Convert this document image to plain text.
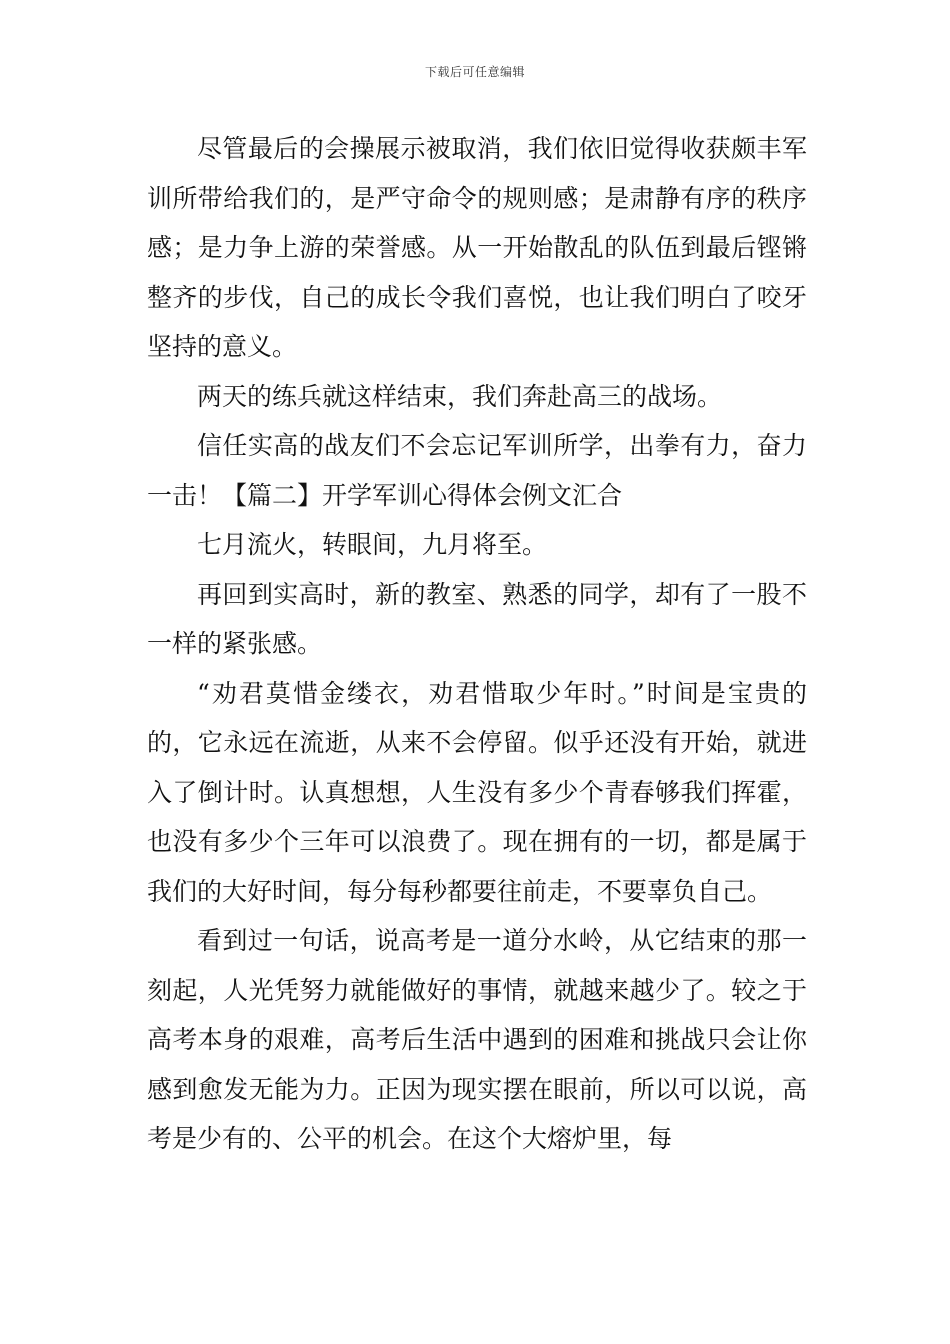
下载后可任意编辑

尽管最后的会操展示被取消，我们依旧觉得收获颇丰军训所带给我们的，是严守命令的规则感；是肃静有序的秩序感；是力争上游的荣誉感。从一开始散乱的队伍到最后铿锵整齐的步伐，自己的成长令我们喜悦，也让我们明白了咬牙坚持的意义。

两天的练兵就这样结束，我们奔赴高三的战场。

信任实高的战友们不会忘记军训所学，出拳有力，奋力一击！【篇二】开学军训心得体会例文汇合

七月流火，转眼间，九月将至。

再回到实高时，新的教室、熟悉的同学，却有了一股不一样的紧张感。

“劝君莫惜金缕衣，劝君惜取少年时。”时间是宝贵的的，它永远在流逝，从来不会停留。似乎还没有开始，就进入了倒计时。认真想想，人生没有多少个青春够我们挥霍，也没有多少个三年可以浪费了。现在拥有的一切，都是属于我们的大好时间，每分每秒都要往前走，不要辜负自己。

看到过一句话，说高考是一道分水岭，从它结束的那一刻起，人光凭努力就能做好的事情，就越来越少了。较之于高考本身的艰难，高考后生活中遇到的困难和挑战只会让你感到愈发无能为力。正因为现实摆在眼前，所以可以说，高考是少有的、公平的机会。在这个大熔炉里，每
